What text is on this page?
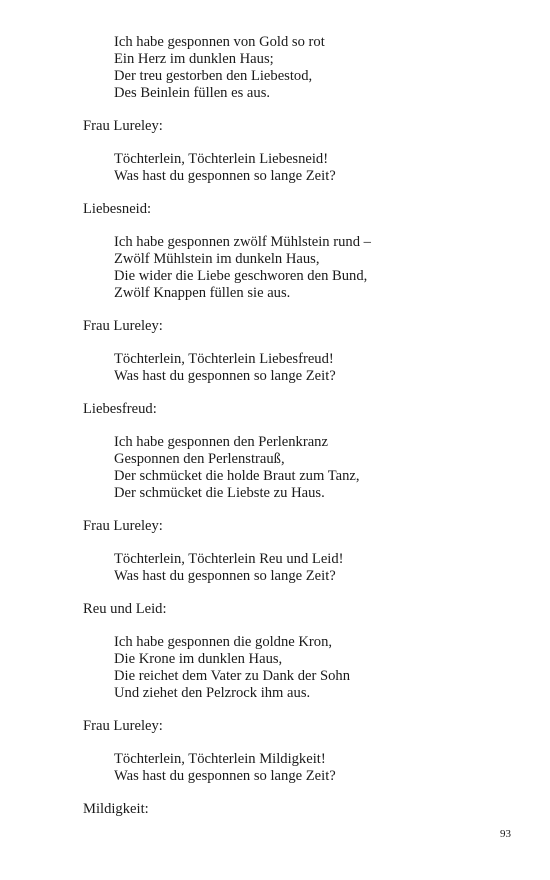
Ich habe gesponnen von Gold so rot
Ein Herz im dunklen Haus;
Der treu gestorben den Liebestod,
Des Beinlein füllen es aus.
Frau Lureley:
Töchterlein, Töchterlein Liebesneid!
Was hast du gesponnen so lange Zeit?
Liebesneid:
Ich habe gesponnen zwölf Mühlstein rund –
Zwölf Mühlstein im dunkeln Haus,
Die wider die Liebe geschworen den Bund,
Zwölf Knappen füllen sie aus.
Frau Lureley:
Töchterlein, Töchterlein Liebesfreud!
Was hast du gesponnen so lange Zeit?
Liebesfreud:
Ich habe gesponnen den Perlenkranz
Gesponnen den Perlenstrauß,
Der schmücket die holde Braut zum Tanz,
Der schmücket die Liebste zu Haus.
Frau Lureley:
Töchterlein, Töchterlein Reu und Leid!
Was hast du gesponnen so lange Zeit?
Reu und Leid:
Ich habe gesponnen die goldne Kron,
Die Krone im dunklen Haus,
Die reichet dem Vater zu Dank der Sohn
Und ziehet den Pelzrock ihm aus.
Frau Lureley:
Töchterlein, Töchterlein Mildigkeit!
Was hast du gesponnen so lange Zeit?
Mildigkeit:
93
